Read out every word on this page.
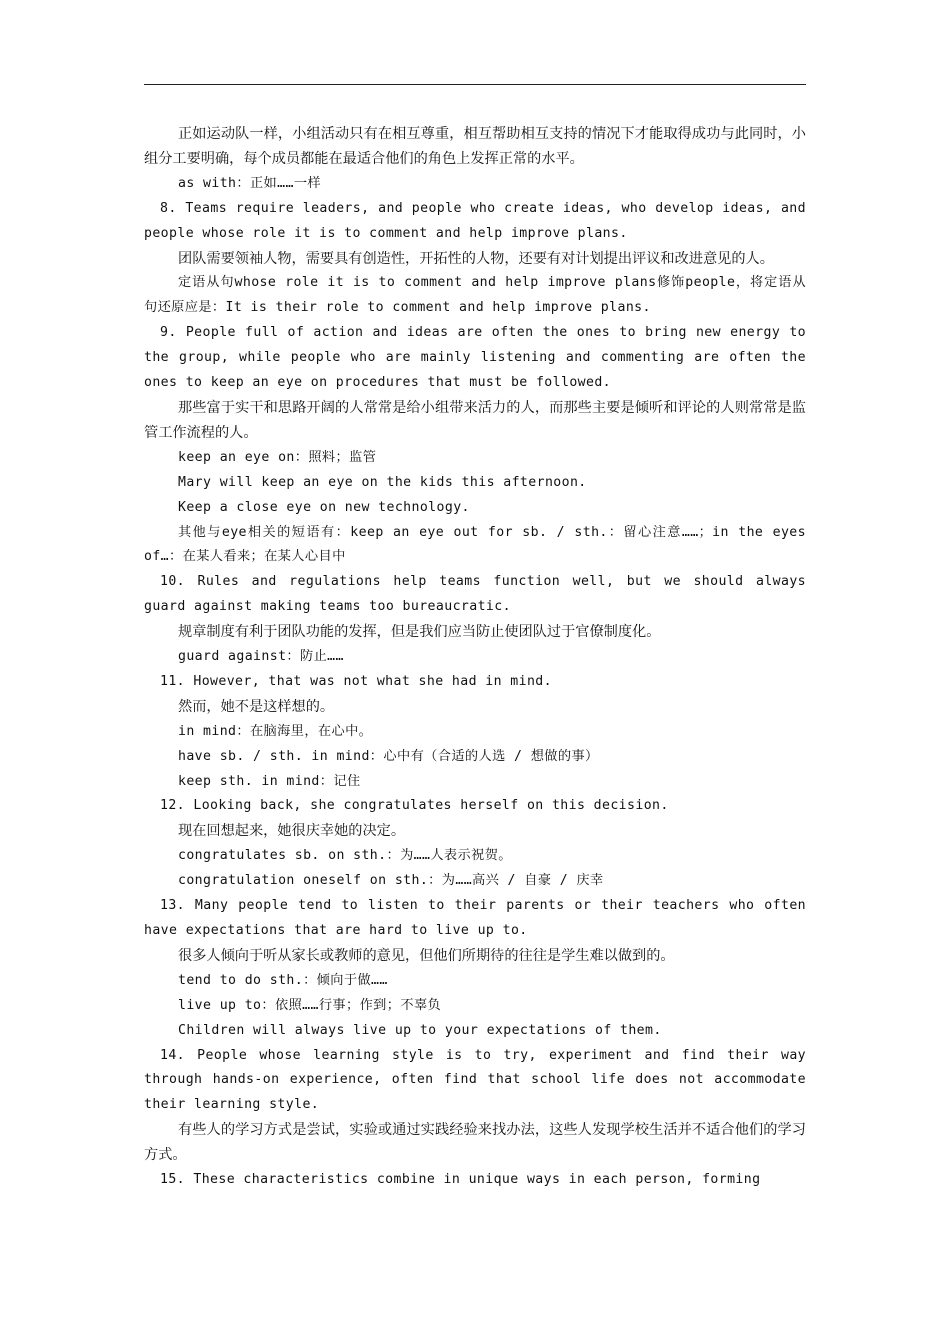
正如运动队一样，小组活动只有在相互尊重，相互帮助相互支持的情况下才能取得成功与此同时，小组分工要明确，每个成员都能在最适合他们的角色上发挥正常的水平。

as with：正如……一样

8. Teams require leaders, and people who create ideas, who develop ideas, and people whose role it is to comment and help improve plans.

团队需要领袖人物，需要具有创造性，开拓性的人物，还要有对计划提出评议和改进意见的人。

定语从句whose role it is to comment and help improve plans修饰people，将定语从句还原应是：It is their role to comment and help improve plans.

9. People full of action and ideas are often the ones to bring new energy to the group, while people who are mainly listening and commenting are often the ones to keep an eye on procedures that must be followed.

那些富于实干和思路开阔的人常常是给小组带来活力的人，而那些主要是倾听和评论的人则常常是监管工作流程的人。

keep an eye on：照料；监管

Mary will keep an eye on the kids this afternoon.

Keep a close eye on new technology.

其他与eye相关的短语有：keep an eye out for sb. / sth.：留心注意……；in the eyes of…：在某人看来；在某人心目中

10. Rules and regulations help teams function well, but we should always guard against making teams too bureaucratic.

规章制度有利于团队功能的发挥，但是我们应当防止使团队过于官僚制度化。

guard against：防止……

11. However, that was not what she had in mind.

然而，她不是这样想的。

in mind：在脑海里，在心中。

have sb. / sth. in mind：心中有（合适的人选 / 想做的事）

keep sth. in mind：记住

12. Looking back, she congratulates herself on this decision.

现在回想起来，她很庆幸她的决定。

congratulates sb. on sth.：为……人表示祝贺。

congratulation oneself on sth.：为……高兴 / 自豪 / 庆幸

13. Many people tend to listen to their parents or their teachers who often have expectations that are hard to live up to.

很多人倾向于听从家长或教师的意见，但他们所期待的往往是学生难以做到的。

tend to do sth.：倾向于做……

live up to：依照……行事；作到；不辜负

Children will always live up to your expectations of them.

14. People whose learning style is to try, experiment and find their way through hands-on experience, often find that school life does not accommodate their learning style.

有些人的学习方式是尝试，实验或通过实践经验来找办法，这些人发现学校生活并不适合他们的学习方式。

15. These characteristics combine in unique ways in each person, forming
